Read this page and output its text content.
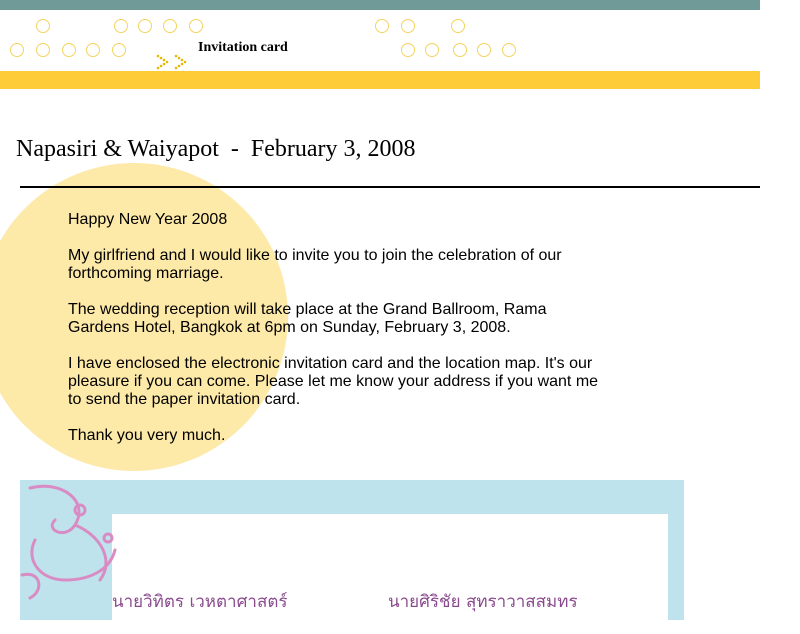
Invitation card
Napasiri & Waiyapot  -  February 3, 2008

Happy New Year 2008

My girlfriend and I would like to invite you to join the celebration of our forthcoming marriage.

The wedding reception will take place at the Grand Ballroom, Rama Gardens Hotel, Bangkok at 6pm on Sunday, February 3, 2008.

I have enclosed the electronic invitation card and the location map. It's our pleasure if you can come. Please let me know your address if you want me to send the paper invitation card.

Thank you very much.

นายวิทิตร เวหตาศาสตร์	นายศิริชัย สุทราวาสสมทร
